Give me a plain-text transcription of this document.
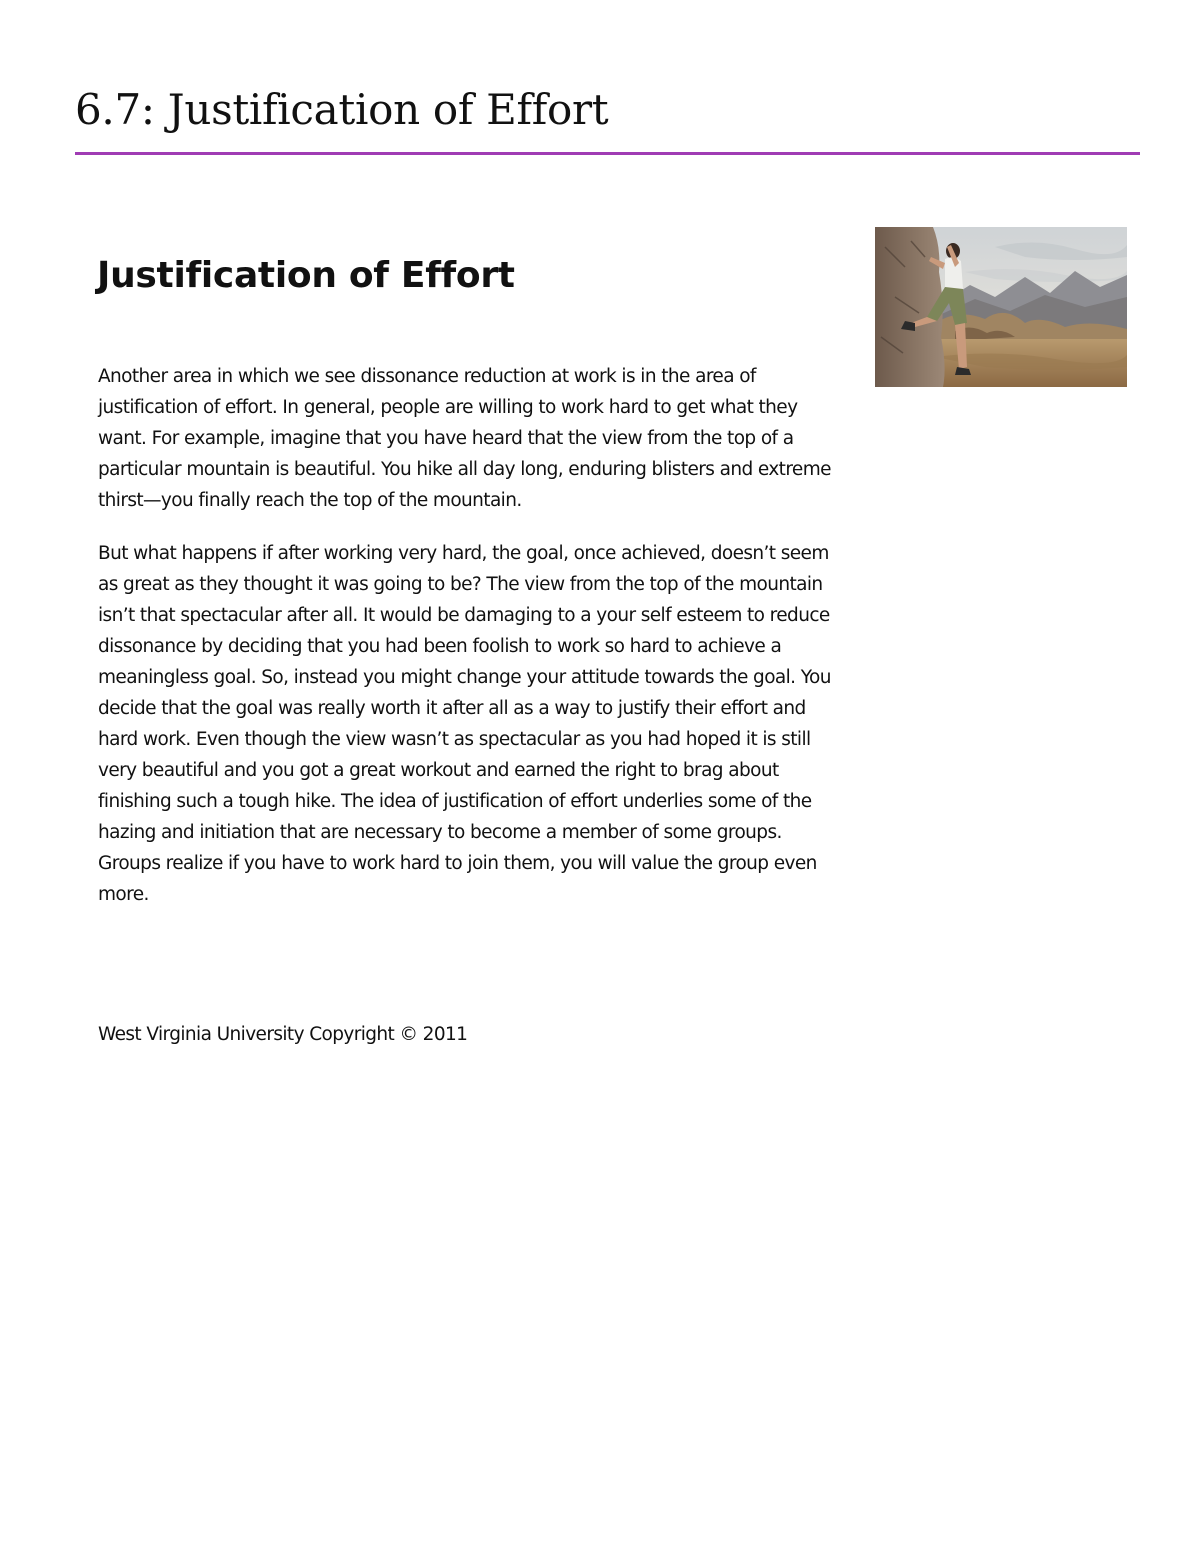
6.7: Justification of Effort
Justification of Effort

Another area in which we see dissonance reduction at work is in the area of justification of effort. In general, people are willing to work hard to get what they want. For example, imagine that you have heard that the view from the top of a particular mountain is beautiful. You hike all day long, enduring blisters and extreme thirst—you finally reach the top of the mountain.

But what happens if after working very hard, the goal, once achieved, doesn’t seem as great as they thought it was going to be? The view from the top of the mountain isn’t that spectacular after all. It would be damaging to a your self esteem to reduce dissonance by deciding that you had been foolish to work so hard to achieve a meaningless goal. So, instead you might change your attitude towards the goal. You decide that the goal was really worth it after all as a way to justify their effort and hard work. Even though the view wasn’t as spectacular as you had hoped it is still very beautiful and you got a great workout and earned the right to brag about finishing such a tough hike. The idea of justification of effort underlies some of the hazing and initiation that are necessary to become a member of some groups. Groups realize if you have to work hard to join them, you will value the group even more.

West Virginia University Copyright © 2011
